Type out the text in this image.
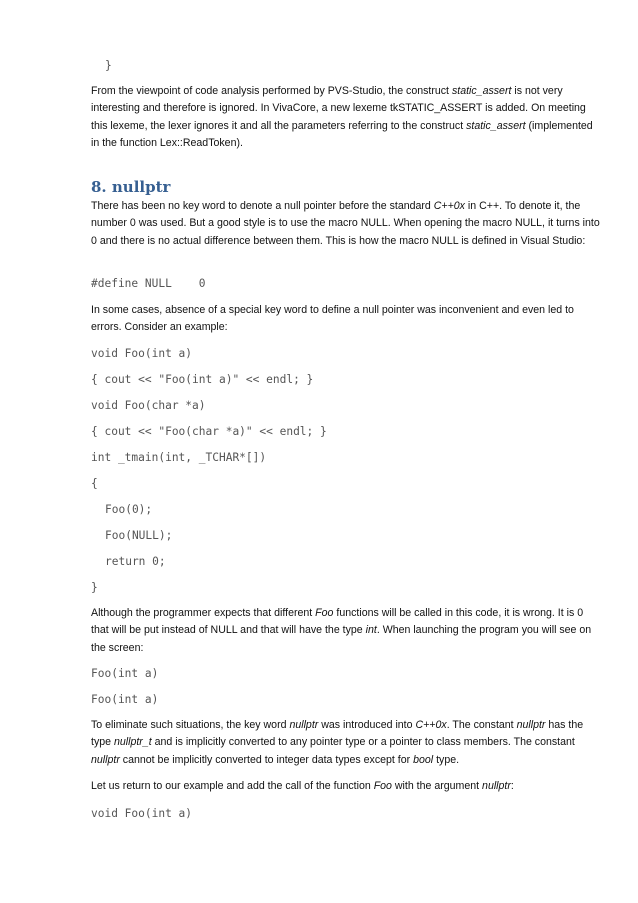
}
From the viewpoint of code analysis performed by PVS-Studio, the construct static_assert is not very interesting and therefore is ignored. In VivaCore, a new lexeme tkSTATIC_ASSERT is added. On meeting this lexeme, the lexer ignores it and all the parameters referring to the construct static_assert (implemented in the function Lex::ReadToken).
8. nullptr
There has been no key word to denote a null pointer before the standard C++0x in C++. To denote it, the number 0 was used. But a good style is to use the macro NULL. When opening the macro NULL, it turns into 0 and there is no actual difference between them. This is how the macro NULL is defined in Visual Studio:
#define NULL    0
In some cases, absence of a special key word to define a null pointer was inconvenient and even led to errors. Consider an example:
void Foo(int a)
{ cout << "Foo(int a)" << endl; }
void Foo(char *a)
{ cout << "Foo(char *a)" << endl; }
int _tmain(int, _TCHAR*[])
{
Foo(0);
Foo(NULL);
return 0;
}
Although the programmer expects that different Foo functions will be called in this code, it is wrong. It is 0 that will be put instead of NULL and that will have the type int. When launching the program you will see on the screen:
Foo(int a)
Foo(int a)
To eliminate such situations, the key word nullptr was introduced into C++0x. The constant nullptr has the type nullptr_t and is implicitly converted to any pointer type or a pointer to class members. The constant nullptr cannot be implicitly converted to integer data types except for bool type.
Let us return to our example and add the call of the function Foo with the argument nullptr:
void Foo(int a)
